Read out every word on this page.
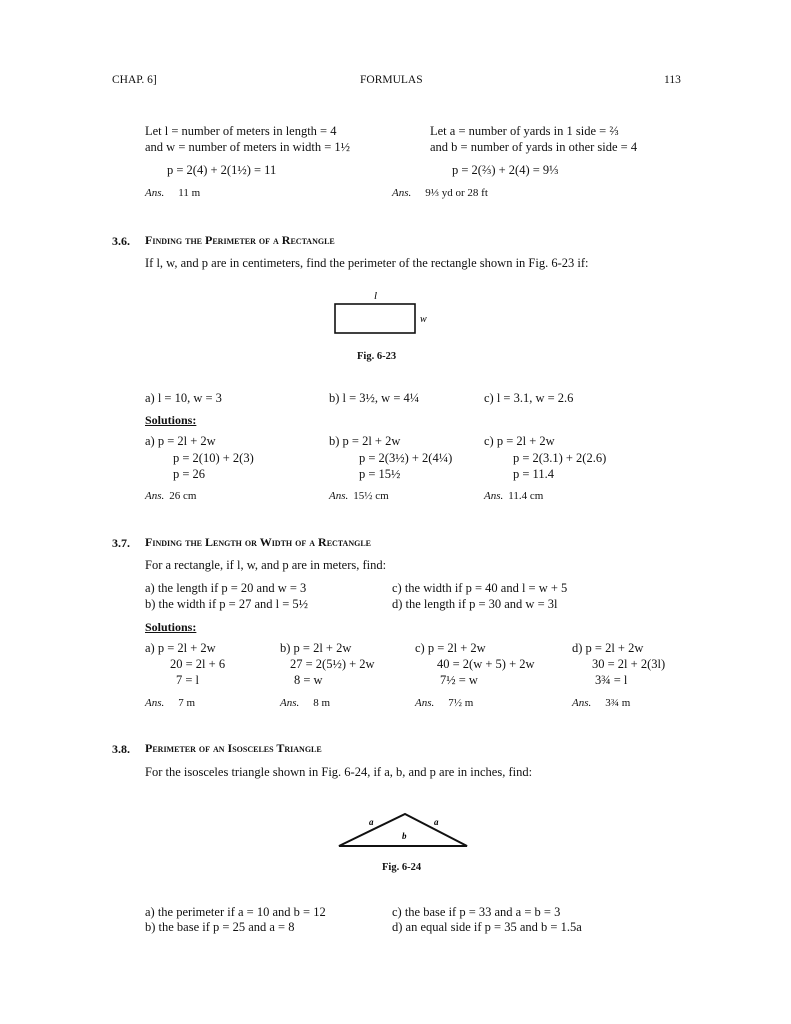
CHAP. 6]	FORMULAS	113
Let l = number of meters in length = 4
and w = number of meters in width = 1½
p = 2(4) + 2(1½) = 11
Ans. 11 m
Let a = number of yards in 1 side = ⅔
and b = number of yards in other side = 4
p = 2(⅔) + 2(4) = 9⅓
Ans. 9⅓ yd or 28 ft
3.6. Finding the Perimeter of a Rectangle
If l, w, and p are in centimeters, find the perimeter of the rectangle shown in Fig. 6-23 if:
l
w
Fig. 6-23
a) l = 10, w = 3	b) l = 3½, w = 4¼	c) l = 3.1, w = 2.6
Solutions:
a) p = 2l + 2w
p = 2(10) + 2(3)
p = 26
b) p = 2l + 2w
p = 2(3½) + 2(4¼)
p = 15½
c) p = 2l + 2w
p = 2(3.1) + 2(2.6)
p = 11.4
Ans. 26 cm	Ans. 15½ cm	Ans. 11.4 cm
3.7. Finding the Length or Width of a Rectangle
For a rectangle, if l, w, and p are in meters, find:
a) the length if p = 20 and w = 3
b) the width if p = 27 and l = 5½
c) the width if p = 40 and l = w + 5
d) the length if p = 30 and w = 3l
Solutions:
a) p = 2l + 2w
20 = 2l + 6
7 = l
b) p = 2l + 2w
27 = 2(5½) + 2w
8 = w
c) p = 2l + 2w
40 = 2(w + 5) + 2w
7½ = w
d) p = 2l + 2w
30 = 2l + 2(3l)
3¾ = l
Ans. 7 m	Ans. 8 m	Ans. 7½ m	Ans. 3¾ m
3.8. Perimeter of an Isosceles Triangle
For the isosceles triangle shown in Fig. 6-24, if a, b, and p are in inches, find:
a	a
b
Fig. 6-24
a) the perimeter if a = 10 and b = 12
b) the base if p = 25 and a = 8
c) the base if p = 33 and a = b = 3
d) an equal side if p = 35 and b = 1.5a
